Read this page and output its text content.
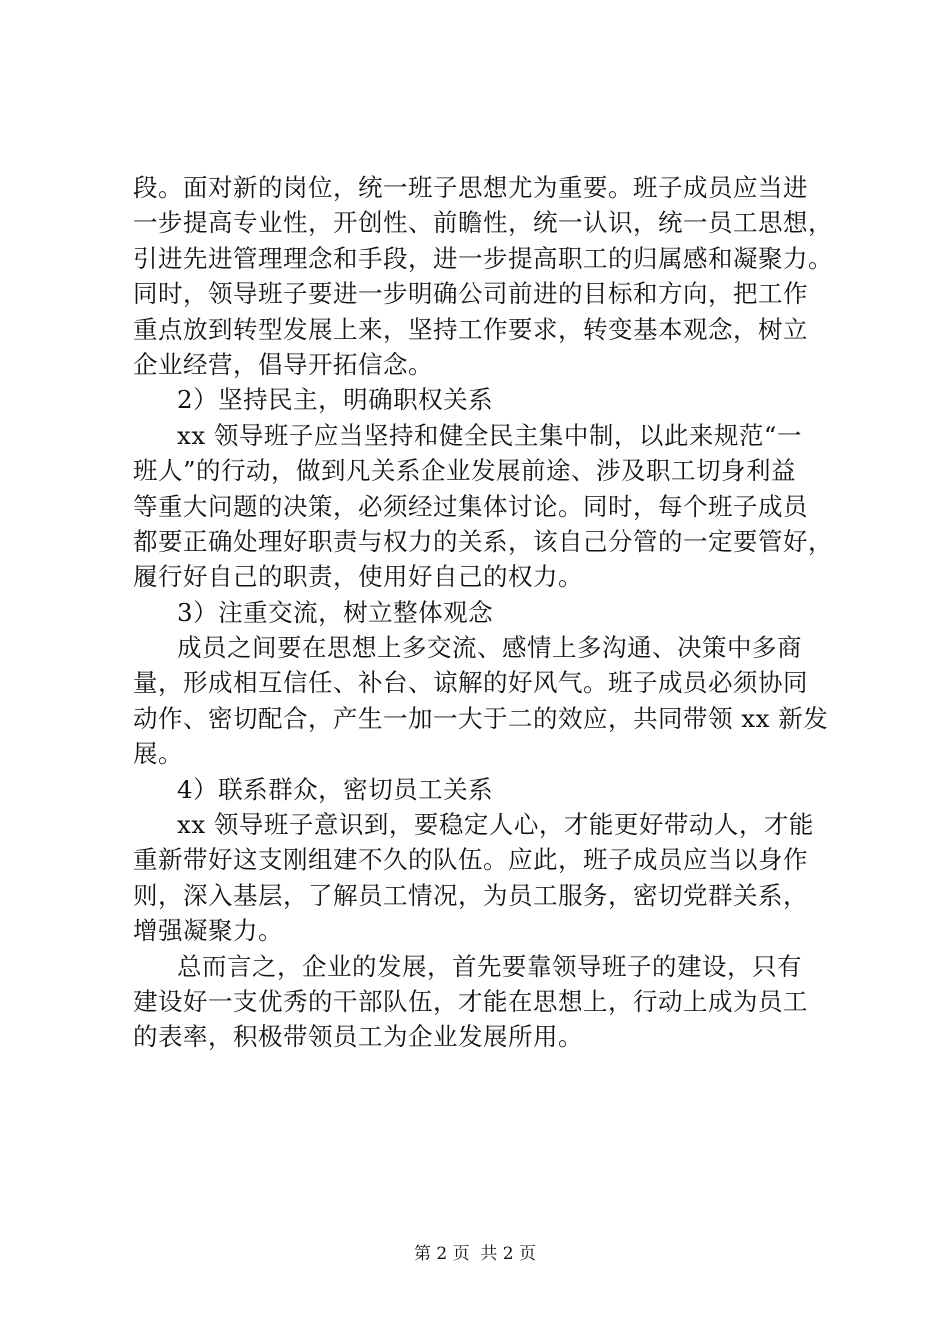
段。面对新的岗位，统一班子思想尤为重要。班子成员应当进
一步提高专业性，开创性、前瞻性，统一认识，统一员工思想，
引进先进管理理念和手段，进一步提高职工的归属感和凝聚力。
同时，领导班子要进一步明确公司前进的目标和方向，把工作
重点放到转型发展上来，坚持工作要求，转变基本观念，树立
企业经营，倡导开拓信念。
2）坚持民主，明确职权关系
xx 领导班子应当坚持和健全民主集中制，以此来规范“一
班人”的行动，做到凡关系企业发展前途、涉及职工切身利益
等重大问题的决策，必须经过集体讨论。同时，每个班子成员
都要正确处理好职责与权力的关系，该自己分管的一定要管好，
履行好自己的职责，使用好自己的权力。
3）注重交流，树立整体观念
成员之间要在思想上多交流、感情上多沟通、决策中多商
量，形成相互信任、补台、谅解的好风气。班子成员必须协同
动作、密切配合，产生一加一大于二的效应，共同带领 xx 新发
展。
4）联系群众，密切员工关系
xx 领导班子意识到，要稳定人心，才能更好带动人，才能
重新带好这支刚组建不久的队伍。应此，班子成员应当以身作
则，深入基层，了解员工情况，为员工服务，密切党群关系，
增强凝聚力。
总而言之，企业的发展，首先要靠领导班子的建设，只有
建设好一支优秀的干部队伍，才能在思想上，行动上成为员工
的表率，积极带领员工为企业发展所用。
第 2 页  共 2 页
